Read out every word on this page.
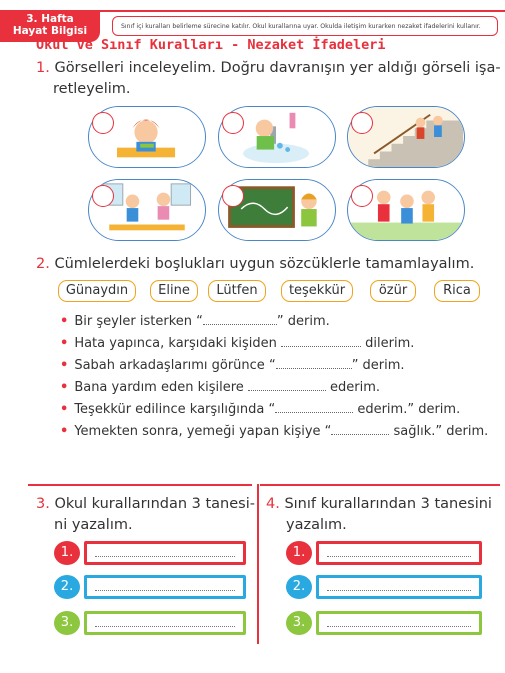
3. Hafta
Hayat Bilgisi	Sınıf içi kuralları belirleme sürecine katılır. Okul kurallarına uyar. Okulda iletişim kurarken nezaket ifadelerini kullanır.
Okul ve Sınıf Kuralları - Nezaket İfadeleri
1. Görselleri inceleyelim. Doğru davranışın yer aldığı görseli işa-
retleyelim.
2. Cümlelerdeki boşlukları uygun sözcüklerle tamamlayalım.
Günaydın	Eline	Lütfen	teşekkür	özür	Rica
• Bir şeyler isterken “	” derim.
• Hata yapınca, karşıdaki kişiden	dilerim.
• Sabah arkadaşlarımı görünce “	” derim.
• Bana yardım eden kişilere	ederim.
• Teşekkür edilince karşılığında “	ederim.” derim.
• Yemekten sonra, yemeği yapan kişiye “	sağlık.” derim.
3. Okul kurallarından 3 tanesi-
ni yazalım.
1.
2.
3.
4. Sınıf kurallarından 3 tanesini
yazalım.
1.
2.
3.
